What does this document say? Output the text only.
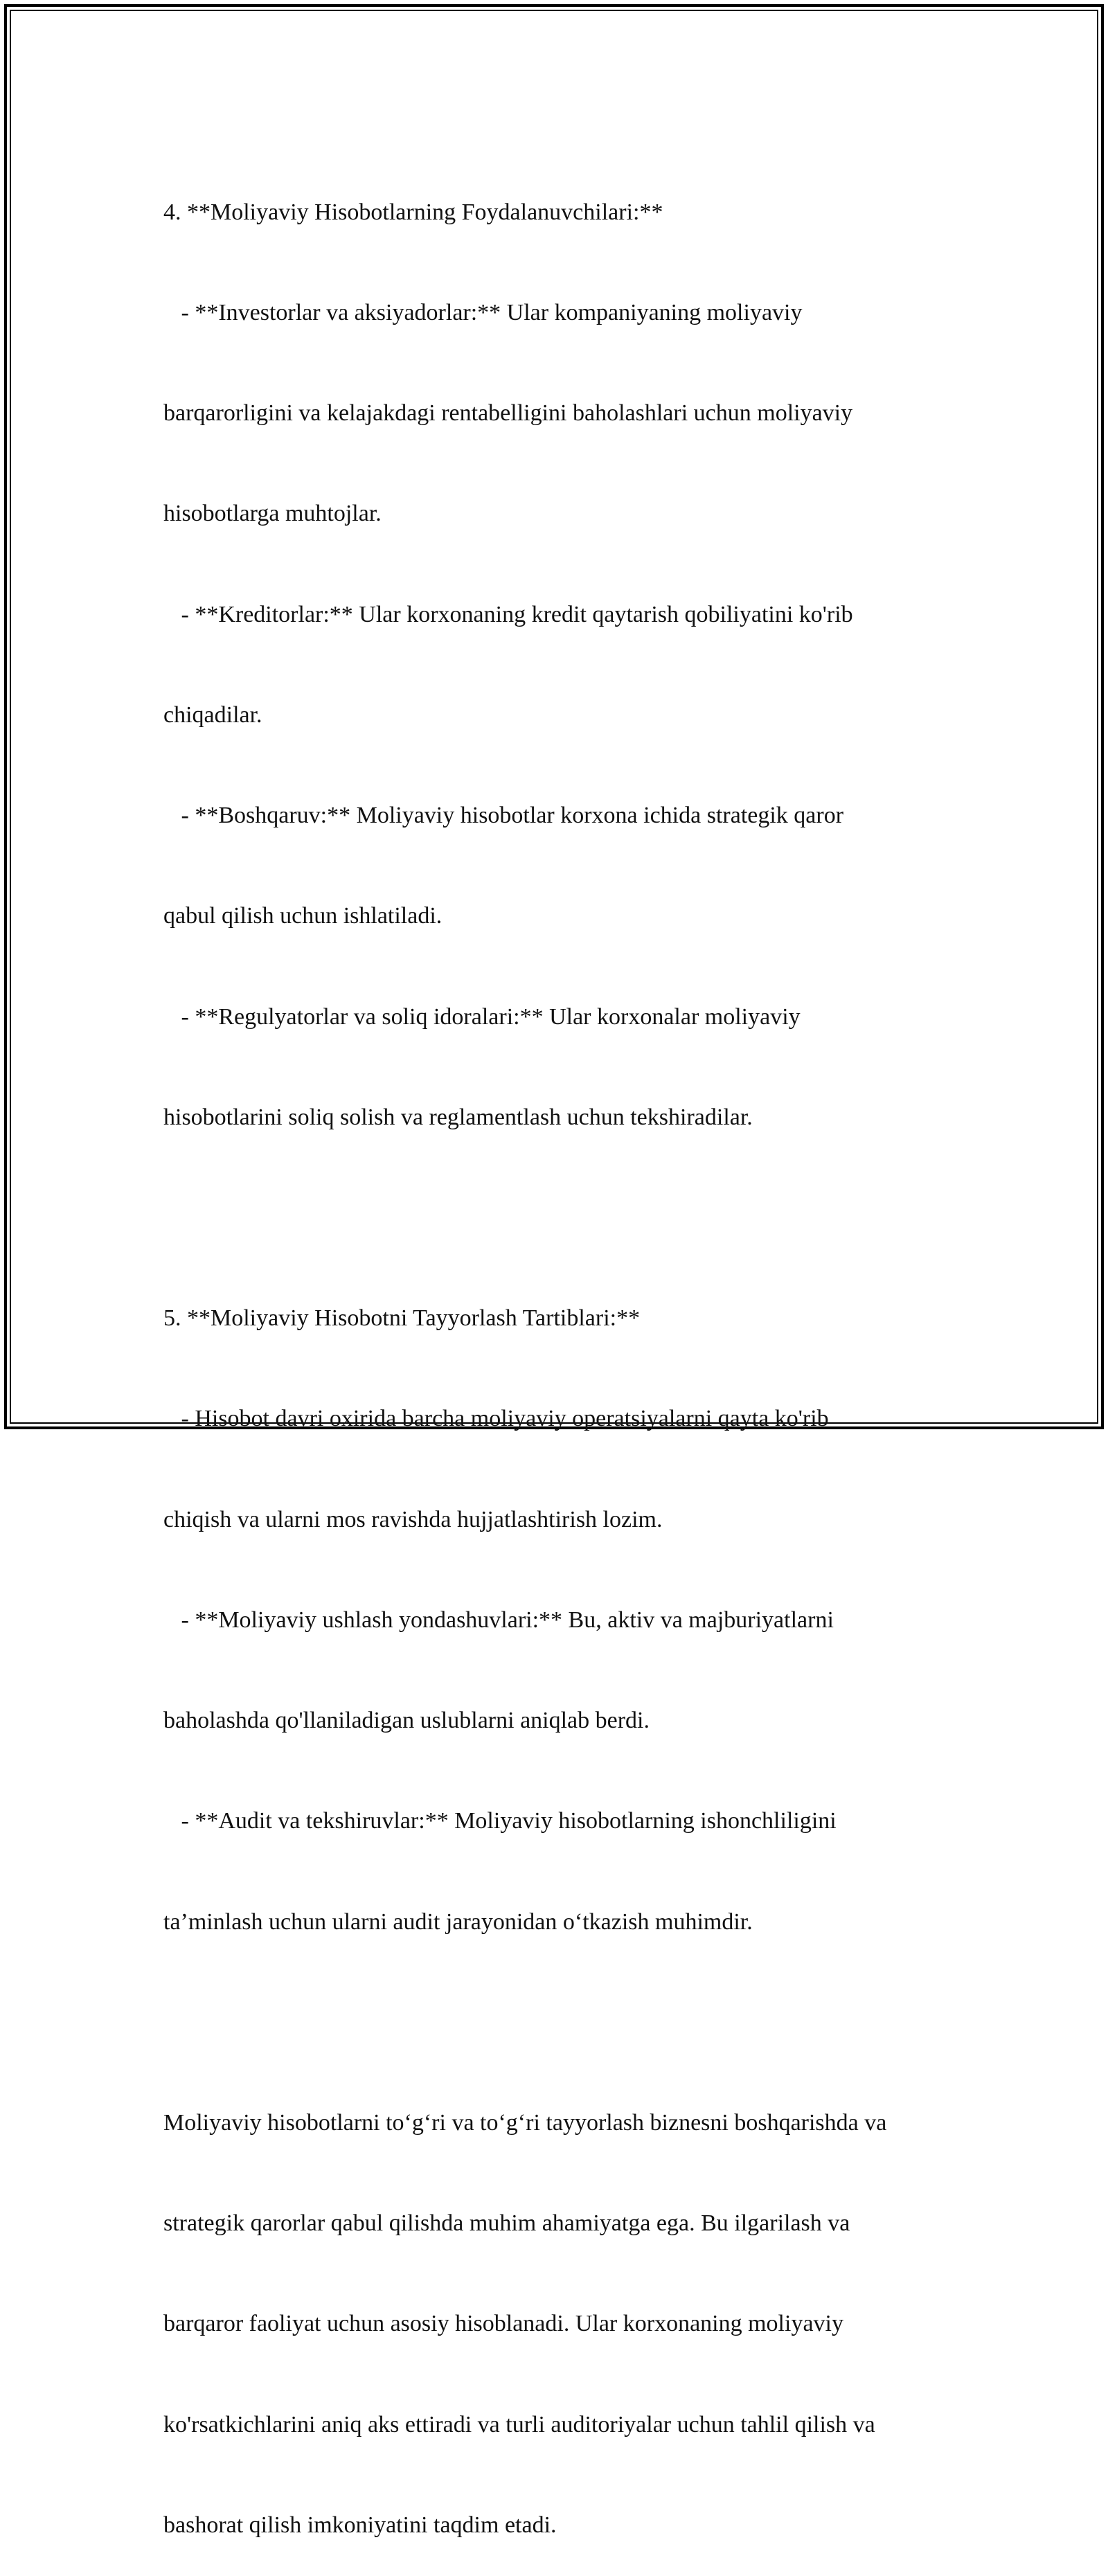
4. **Moliyaviy Hisobotlarning Foydalanuvchilari:**

- **Investorlar va aksiyadorlar:** Ular kompaniyaning moliyaviy

barqarorligini va kelajakdagi rentabelligini baholashlari uchun moliyaviy

hisobotlarga muhtojlar.

- **Kreditorlar:** Ular korxonaning kredit qaytarish qobiliyatini ko'rib

chiqadilar.

- **Boshqaruv:** Moliyaviy hisobotlar korxona ichida strategik qaror

qabul qilish uchun ishlatiladi.

- **Regulyatorlar va soliq idoralari:** Ular korxonalar moliyaviy

hisobotlarini soliq solish va reglamentlash uchun tekshiradilar.

5. **Moliyaviy Hisobotni Tayyorlash Tartiblari:**

- Hisobot davri oxirida barcha moliyaviy operatsiyalarni qayta ko'rib

chiqish va ularni mos ravishda hujjatlashtirish lozim.

- **Moliyaviy ushlash yondashuvlari:** Bu, aktiv va majburiyatlarni

baholashda qo'llaniladigan uslublarni aniqlab berdi.

- **Audit va tekshiruvlar:** Moliyaviy hisobotlarning ishonchliligini

ta’minlash uchun ularni audit jarayonidan o‘tkazish muhimdir.

Moliyaviy hisobotlarni to‘g‘ri va to‘g‘ri tayyorlash biznesni boshqarishda va

strategik qarorlar qabul qilishda muhim ahamiyatga ega. Bu ilgarilash va

barqaror faoliyat uchun asosiy hisoblanadi. Ular korxonaning moliyaviy

ko'rsatkichlarini aniq aks ettiradi va turli auditoriyalar uchun tahlil qilish va

bashorat qilish imkoniyatini taqdim etadi.
